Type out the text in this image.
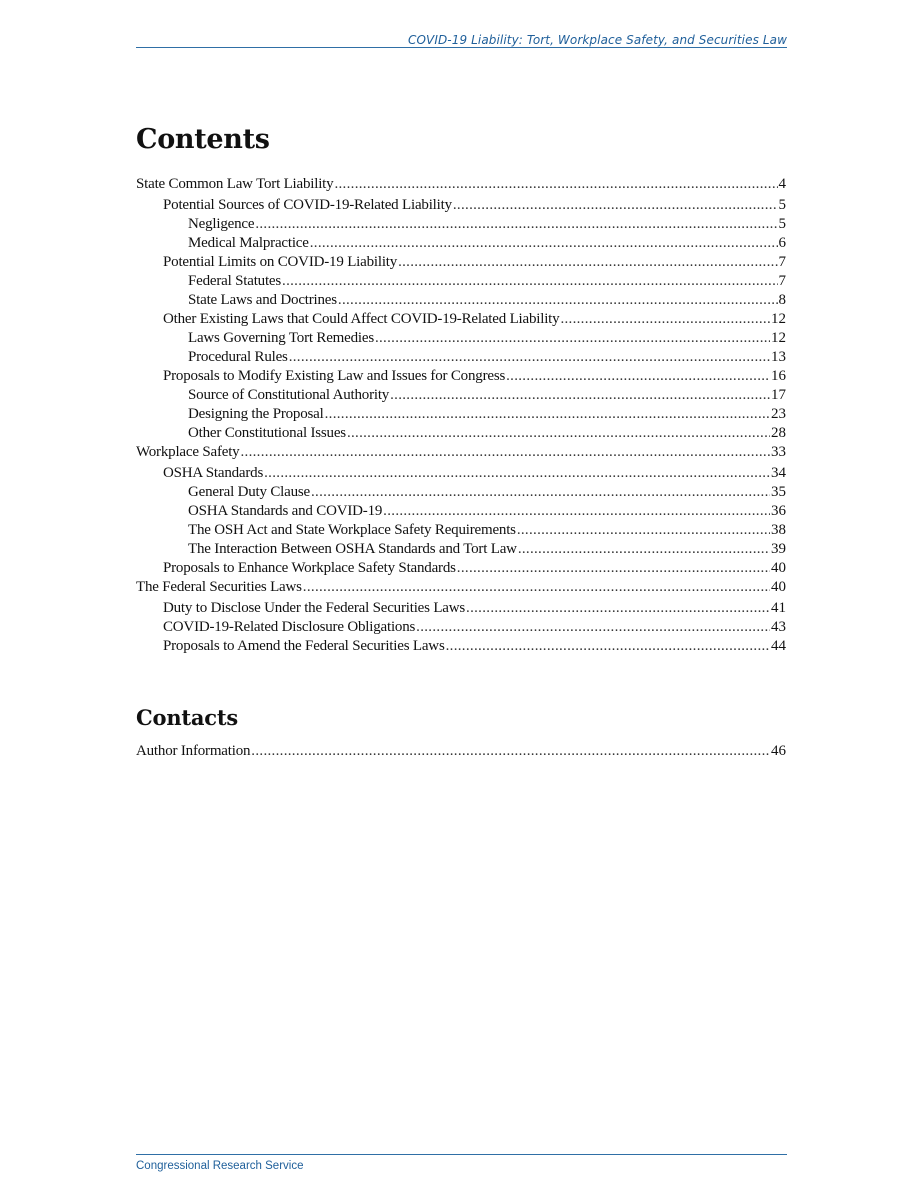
COVID-19 Liability: Tort, Workplace Safety, and Securities Law
Contents
State Common Law Tort Liability .....	4
Potential Sources of COVID-19-Related Liability .....	5
Negligence .....	5
Medical Malpractice .....	6
Potential Limits on COVID-19 Liability .....	7
Federal Statutes .....	7
State Laws and Doctrines .....	8
Other Existing Laws that Could Affect COVID-19-Related Liability .....	12
Laws Governing Tort Remedies .....	12
Procedural Rules .....	13
Proposals to Modify Existing Law and Issues for Congress .....	16
Source of Constitutional Authority .....	17
Designing the Proposal .....	23
Other Constitutional Issues .....	28
Workplace Safety .....	33
OSHA Standards .....	34
General Duty Clause .....	35
OSHA Standards and COVID-19 .....	36
The OSH Act and State Workplace Safety Requirements .....	38
The Interaction Between OSHA Standards and Tort Law .....	39
Proposals to Enhance Workplace Safety Standards .....	40
The Federal Securities Laws .....	40
Duty to Disclose Under the Federal Securities Laws .....	41
COVID-19-Related Disclosure Obligations .....	43
Proposals to Amend the Federal Securities Laws .....	44
Contacts
Author Information .....	46
Congressional Research Service
